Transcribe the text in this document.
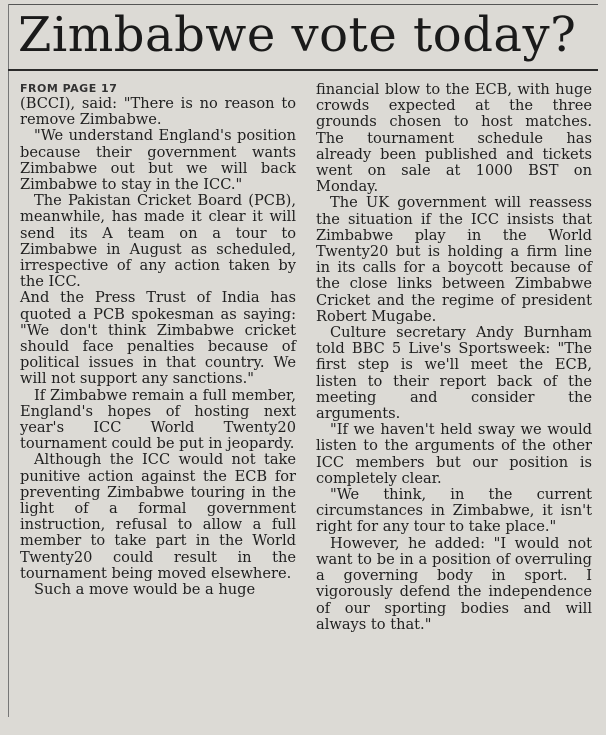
Zimbabwe vote today?
FROM PAGE 17

(BCCI), said: "There is no reason to remove Zimbabwe.

"We understand England's position because their government wants Zimbabwe out but we will back Zimbabwe to stay in the ICC."

The Pakistan Cricket Board (PCB), meanwhile, has made it clear it will send its A team on a tour to Zimbabwe in August as scheduled, irrespective of any action taken by the ICC.

And the Press Trust of India has quoted a PCB spokesman as saying: "We don't think Zimbabwe cricket should face penalties because of political issues in that country. We will not support any sanctions."

If Zimbabwe remain a full member, England's hopes of hosting next year's ICC World Twenty20 tournament could be put in jeopardy.

Although the ICC would not take punitive action against the ECB for preventing Zimbabwe touring in the light of a formal government instruction, refusal to allow a full member to take part in the World Twenty20 could result in the tournament being moved elsewhere.

Such a move would be a huge

financial blow to the ECB, with huge crowds expected at the three grounds chosen to host matches. The tournament schedule has already been published and tickets went on sale at 1000 BST on Monday.

The UK government will reassess the situation if the ICC insists that Zimbabwe play in the World Twenty20 but is holding a firm line in its calls for a boycott because of the close links between Zimbabwe Cricket and the regime of president Robert Mugabe.

Culture secretary Andy Burnham told BBC 5 Live's Sportsweek: "The first step is we'll meet the ECB, listen to their report back of the meeting and consider the arguments.

"If we haven't held sway we would listen to the arguments of the other ICC members but our position is completely clear.

"We think, in the current circumstances in Zimbabwe, it isn't right for any tour to take place."

However, he added: "I would not want to be in a position of overruling a governing body in sport. I vigorously defend the independence of our sporting bodies and will always to that."
